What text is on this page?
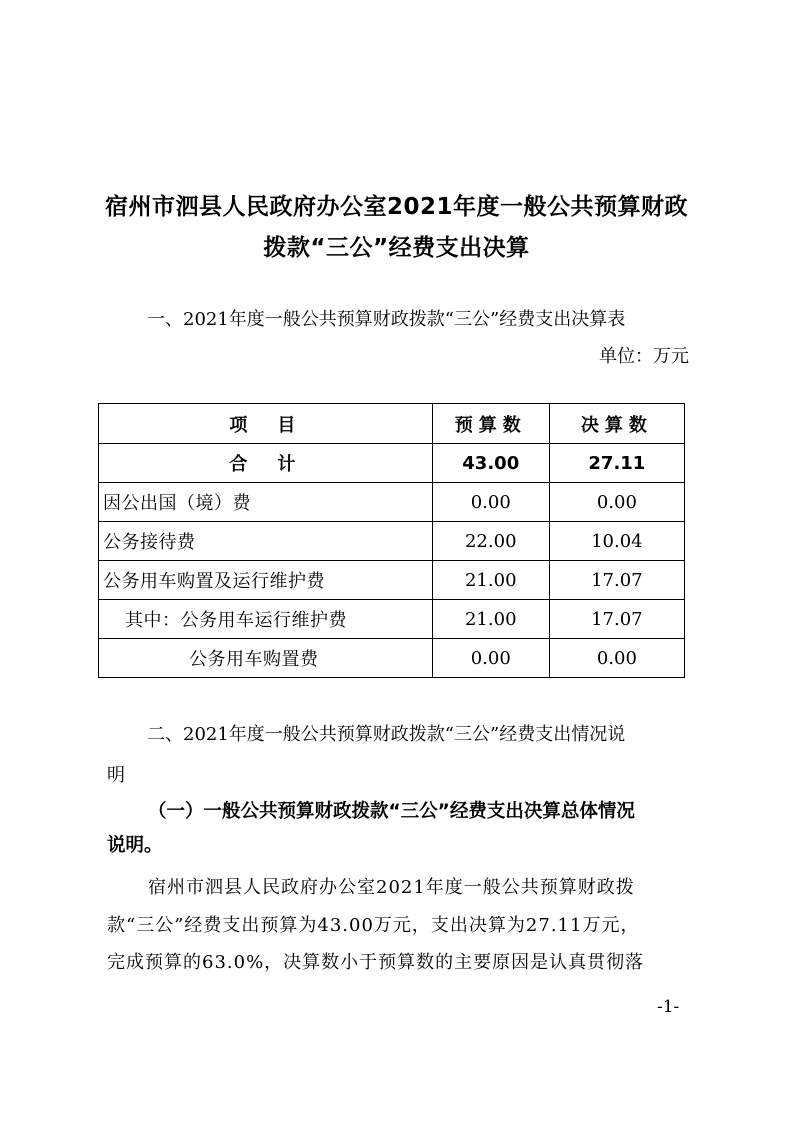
宿州市泗县人民政府办公室2021年度一般公共预算财政
拨款“三公”经费支出决算
一、2021年度一般公共预算财政拨款“三公”经费支出决算表
单位：万元
项　目	预算数	决算数
合　计	43.00	27.11
因公出国（境）费	0.00	0.00
公务接待费	22.00	10.04
公务用车购置及运行维护费	21.00	17.07
其中：公务用车运行维护费	21.00	17.07
公务用车购置费	0.00	0.00
二、2021年度一般公共预算财政拨款“三公”经费支出情况说
明
（一）一般公共预算财政拨款“三公”经费支出决算总体情况
说明。
宿州市泗县人民政府办公室2021年度一般公共预算财政拨
款“三公”经费支出预算为43.00万元，支出决算为27.11万元，
完成预算的63.0%，决算数小于预算数的主要原因是认真贯彻落
-1-
